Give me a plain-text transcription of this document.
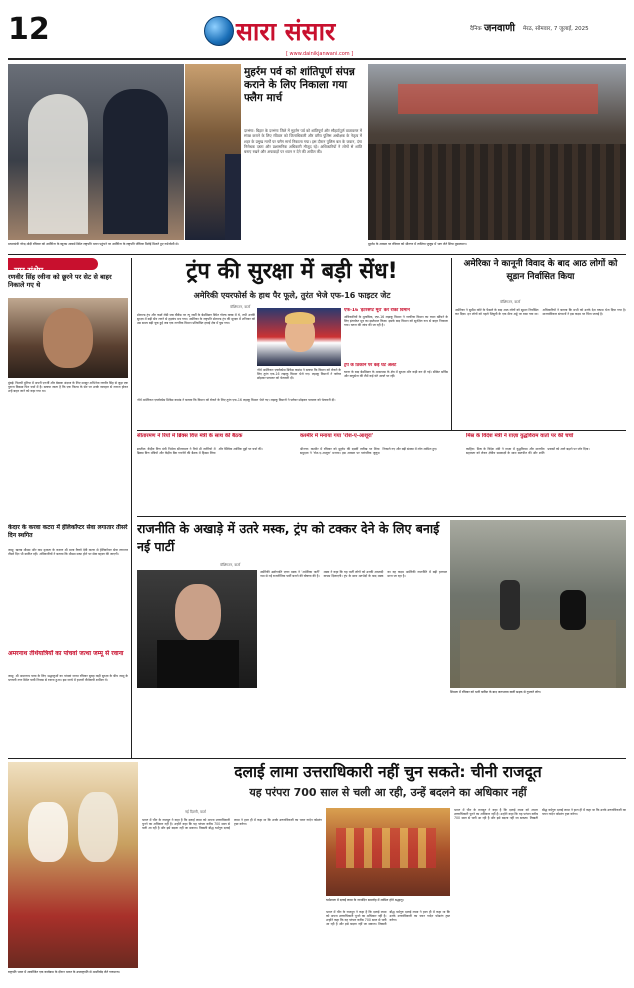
12	सारा संसार
[ www.dainikjanwani.com ]
दैनिक जनवाणी मेरठ, सोमवार, 7 जुलाई, 2025
प्रधानमंत्री नरेन्द्र मोदी रविवार को अर्जेंटीना के ब्यूनस आयर्स स्थित राष्ट्रपति भवन पहुंचने पर अर्जेंटीना के राष्ट्रपति जेवियर मिलेई मिलते हुए गर्मजोशी से।
मुहर्रम पर्व को शांतिपूर्ण संपन्न कराने के लिए निकाला गया फ्लैग मार्च
दरभंगा: बिहार के दरभंगा जिले में मुहर्रम पर्व को शांतिपूर्ण और सौहार्दपूर्ण वातावरण में संपन्न कराने के लिए रविवार को जिलाधिकारी और वरीय पुलिस अधीक्षक के नेतृत्व में शहर के प्रमुख मार्गों पर फ्लैग मार्च निकाला गया। इस दौरान पुलिस बल के जवान, दंगा निरोधक दस्ता और प्रशासनिक अधिकारी मौजूद रहे। अधिकारियों ने लोगों से शांति बनाए रखने और अफवाहों पर ध्यान न देने की अपील की।
मुहर्रम के अवसर पर रविवार को श्रीनगर में ताजिया जुलूस में भाग लेते शिया मुसलमान।
सार संक्षेप
रणवीर सिंह रवीना को छूरने पर सेट से बाहर निकाले गए थे
मुंबई: फिल्मी दुनिया में अपनी एनर्जी और बेबाक अंदाज के लिए मशहूर अभिनेता रणवीर सिंह से जुड़ा एक पुराना किस्सा फिर चर्चा में है। बताया जाता है कि एक फिल्म के सेट पर उनके व्यवहार से नाराज होकर उन्हें बाहर जाने को कहा गया था।
केदार के करवा कटरा में हेलिकॉप्टर सेवा लगातार तीसरे दिन स्थगित
जम्मू: खराब मौसम और कम दृश्यता के कारण श्री माता वैष्णो देवी कटरा से हेलिकॉप्टर सेवा लगातार तीसरे दिन भी स्थगित रही। अधिकारियों ने बताया कि मौसम साफ होने पर सेवा बहाल की जाएगी।
अमरनाथ तीर्थयात्रियों का पांचवां जत्था जम्मू से रवाना
जम्मू: श्री अमरनाथ यात्रा के लिए श्रद्धालुओं का पांचवां जत्था रविवार सुबह कड़ी सुरक्षा के बीच जम्मू के भगवती नगर स्थित यात्री निवास से रवाना हुआ। इस जत्थे में हजारों तीर्थयात्री शामिल थे।
ट्रंप की सुरक्षा में बड़ी सेंध!
अमेरिकी एयरफोर्स के हाथ पैर फूले, तुरंत भेजे एफ-16 फाइटर जेट
वॉशिंगटन, वार्ता
डोनाल्ड ट्रंप और फर्स्ट लेडी जब वीकेंड पर न्यू जर्सी के बेडमिंस्टर स्थित गोल्फ क्लब में थे, तभी उनकी सुरक्षा में बड़ी सेंध लगने से हड़कंप मच गया। अमेरिका के राष्ट्रपति डोनाल्ड ट्रंप की सुरक्षा में शनिवार को उस समय बड़ी चूक हुई जब एक नागरिक विमान प्रतिबंधित हवाई क्षेत्र में घुस गया।
नॉर्थ अमेरिकन एयरोस्पेस डिफेंस कमांड ने बताया कि विमान को रोकने के लिए तुरंत एफ-16 लड़ाकू विमान भेजे गए। लड़ाकू विमानों ने फ्लेयर छोड़कर पायलट को चेतावनी दी।
नॉर्थ अमेरिकन एयरोस्पेस डिफेंस कमांड ने बताया कि विमान को रोकने के लिए तुरंत एफ-16 लड़ाकू विमान भेजे गए। लड़ाकू विमानों ने फ्लेयर छोड़कर पायलट को चेतावनी दी।
एफ-16 'इंटरसेप्ट मूव' कर रोका विमान
अधिकारियों के मुताबिक, एफ-16 लड़ाकू विमान ने नागरिक विमान का ध्यान खींचने के लिए इंटरसेप्ट मूव का इस्तेमाल किया। इसके बाद विमान को सुरक्षित रूप से बाहर निकाला गया। घटना की जांच की जा रही है।
ट्रंप के ठिकाने पर कई घंटे अलर्ट
घटना के बाद बेडमिंस्टर के आसपास के क्षेत्र में सुरक्षा और कड़ी कर दी गई। सीक्रेट सर्विस और वायुसेना की टीमें कई घंटे अलर्ट पर रहीं।
अमेरिका ने कानूनी विवाद के बाद आठ लोगों को सूडान निर्वासित किया
वॉशिंगटन, वार्ता
अमेरिका ने सुप्रीम कोर्ट के फैसले के बाद आठ लोगों को सूडान निर्वासित कर दिया। इन लोगों को पहले जिबूती के एक सैन्य अड्डे पर रखा गया था। अधिकारियों ने बताया कि सभी को उनके देश वापस भेज दिया गया है। मानवाधिकार संगठनों ने इस कदम पर चिंता जताई है।
सीतारमण ने रियो में ब्रिक्स वित्त मंत्री के साथ की बैठक
ब्राजील: केंद्रीय वित्त मंत्री निर्मला सीतारमण ने रियो डी जनेरियो में ब्रिक्स वित्त मंत्रियों और केंद्रीय बैंक गवर्नरों की बैठक में हिस्सा लिया और वैश्विक आर्थिक मुद्दों पर चर्चा की।
कश्मीर में मनाया गया 'रोश-ए-आशूरा'
श्रीनगर: कश्मीर में रविवार को मुहर्रम की दसवीं तारीख पर शिया समुदाय ने 'रोश-ए-आशूरा' मनाया। इस अवसर पर पारंपरिक जुलूस निकाले गए और बड़ी संख्या में लोग शामिल हुए।
मिस्र के विदेश मंत्री ने ग़ाज़ा युद्धविराम वार्ता पर की चर्चा
काहिरा: मिस्र के विदेश मंत्री ने ग़ाज़ा में युद्धविराम और मानवीय सहायता को लेकर क्षेत्रीय समकक्षों के साथ बातचीत की और शांति प्रयासों को आगे बढ़ाने पर जोर दिया।
राजनीति के अखाड़े में उतरे मस्क, ट्रंप को टक्कर देने के लिए बनाई नई पार्टी
वॉशिंगटन, वार्ता
अमेरिकी उद्योगपति एलन मस्क ने 'अमेरिका पार्टी' नाम से नई राजनीतिक पार्टी बनाने की घोषणा की है। मस्क ने कहा कि यह पार्टी लोगों को उनकी आजादी वापस दिलाएगी। ट्रंप के साथ मतभेदों के बाद मस्क का यह कदम अमेरिकी राजनीति में बड़ी हलचल माना जा रहा है।
शिमला में रविवार को भारी बारिश के बाद जलभराव वाली सड़क से गुजरते लोग।
राष्ट्रपति भवन में आयोजित एक कार्यक्रम के दौरान भारत के उपराष्ट्रपति से आशीर्वाद लेते गणमान्य।
दलाई लामा उत्तराधिकारी नहीं चुन सकते: चीनी राजदूत
यह परंपरा 700 साल से चली आ रही, उन्हें बदलने का अधिकार नहीं
नई दिल्ली, वार्ता
भारत में चीन के राजदूत ने कहा है कि दलाई लामा को अपना उत्तराधिकारी चुनने का अधिकार नहीं है। उन्होंने कहा कि यह परंपरा करीब 700 साल से चली आ रही है और इसे बदला नहीं जा सकता। तिब्बती बौद्ध धर्मगुरु दलाई लामा ने हाल ही में कहा था कि उनके उत्तराधिकारी का चयन गादेन फोडरंग ट्रस्ट करेगा।
धर्मशाला में दलाई लामा के जन्मदिन समारोह में शामिल होते श्रद्धालु।
भारत में चीन के राजदूत ने कहा है कि दलाई लामा को अपना उत्तराधिकारी चुनने का अधिकार नहीं है। उन्होंने कहा कि यह परंपरा करीब 700 साल से चली आ रही है और इसे बदला नहीं जा सकता। तिब्बती बौद्ध धर्मगुरु दलाई लामा ने हाल ही में कहा था कि उनके उत्तराधिकारी का चयन गादेन फोडरंग ट्रस्ट करेगा।
भारत में चीन के राजदूत ने कहा है कि दलाई लामा को अपना उत्तराधिकारी चुनने का अधिकार नहीं है। उन्होंने कहा कि यह परंपरा करीब 700 साल से चली आ रही है और इसे बदला नहीं जा सकता। तिब्बती बौद्ध धर्मगुरु दलाई लामा ने हाल ही में कहा था कि उनके उत्तराधिकारी का चयन गादेन फोडरंग ट्रस्ट करेगा।
